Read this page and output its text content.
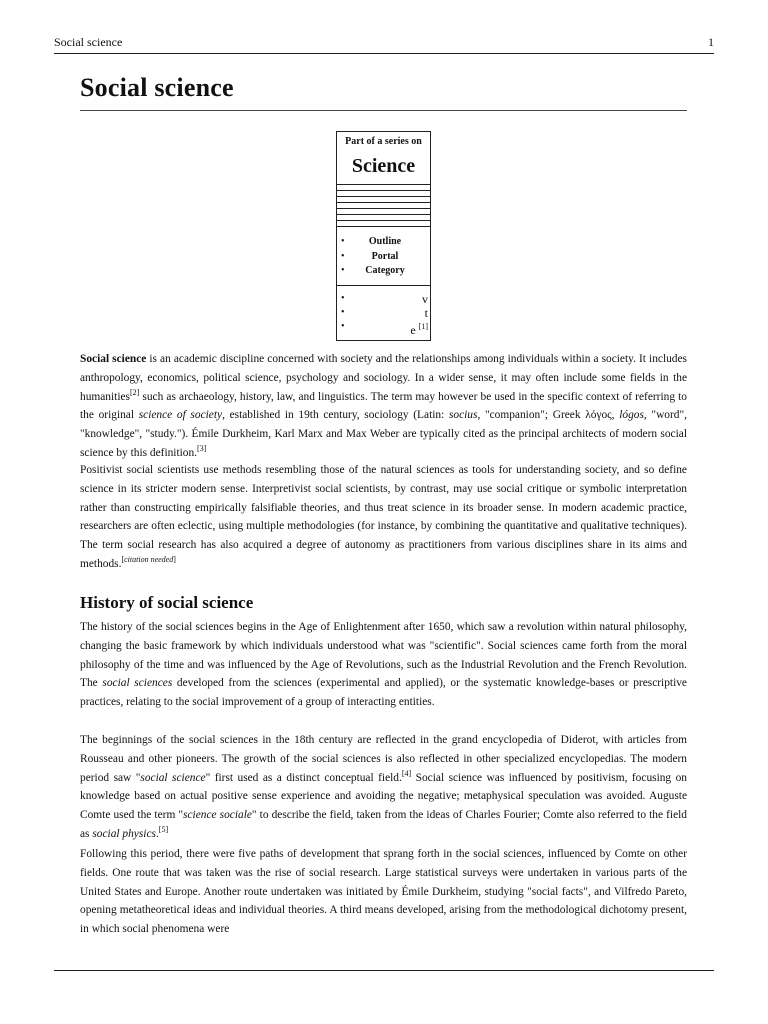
Social science	1
Social science
Part of a series on
Science
• Outline
•	Portal
• Category
•	v
•	t
•	e [1]

Social science is an academic discipline concerned with society and the relationships among individuals within a society. It includes anthropology, economics, political science, psychology and sociology. In a wider sense, it may often include some fields in the humanities[2] such as archaeology, history, law, and linguistics. The term may however be used in the specific context of referring to the original science of society, established in 19th century, sociology (Latin: socius, "companion"; Greek λόγος, lógos, "word", "knowledge", "study."). Émile Durkheim, Karl Marx and Max Weber are typically cited as the principal architects of modern social science by this definition.[3]

Positivist social scientists use methods resembling those of the natural sciences as tools for understanding society, and so define science in its stricter modern sense. Interpretivist social scientists, by contrast, may use social critique or symbolic interpretation rather than constructing empirically falsifiable theories, and thus treat science in its broader sense. In modern academic practice, researchers are often eclectic, using multiple methodologies (for instance, by combining the quantitative and qualitative techniques). The term social research has also acquired a degree of autonomy as practitioners from various disciplines share in its aims and methods.[citation needed]

History of social science

The history of the social sciences begins in the Age of Enlightenment after 1650, which saw a revolution within natural philosophy, changing the basic framework by which individuals understood what was "scientific". Social sciences came forth from the moral philosophy of the time and was influenced by the Age of Revolutions, such as the Industrial Revolution and the French Revolution. The social sciences developed from the sciences (experimental and applied), or the systematic knowledge-bases or prescriptive practices, relating to the social improvement of a group of interacting entities.

The beginnings of the social sciences in the 18th century are reflected in the grand encyclopedia of Diderot, with articles from Rousseau and other pioneers. The growth of the social sciences is also reflected in other specialized encyclopedias. The modern period saw "social science" first used as a distinct conceptual field.[4] Social science was influenced by positivism, focusing on knowledge based on actual positive sense experience and avoiding the negative; metaphysical speculation was avoided. Auguste Comte used the term "science sociale" to describe the field, taken from the ideas of Charles Fourier; Comte also referred to the field as social physics.[5]

Following this period, there were five paths of development that sprang forth in the social sciences, influenced by Comte on other fields. One route that was taken was the rise of social research. Large statistical surveys were undertaken in various parts of the United States and Europe. Another route undertaken was initiated by Émile Durkheim, studying "social facts", and Vilfredo Pareto, opening metatheoretical ideas and individual theories. A third means developed, arising from the methodological dichotomy present, in which social phenomena were
